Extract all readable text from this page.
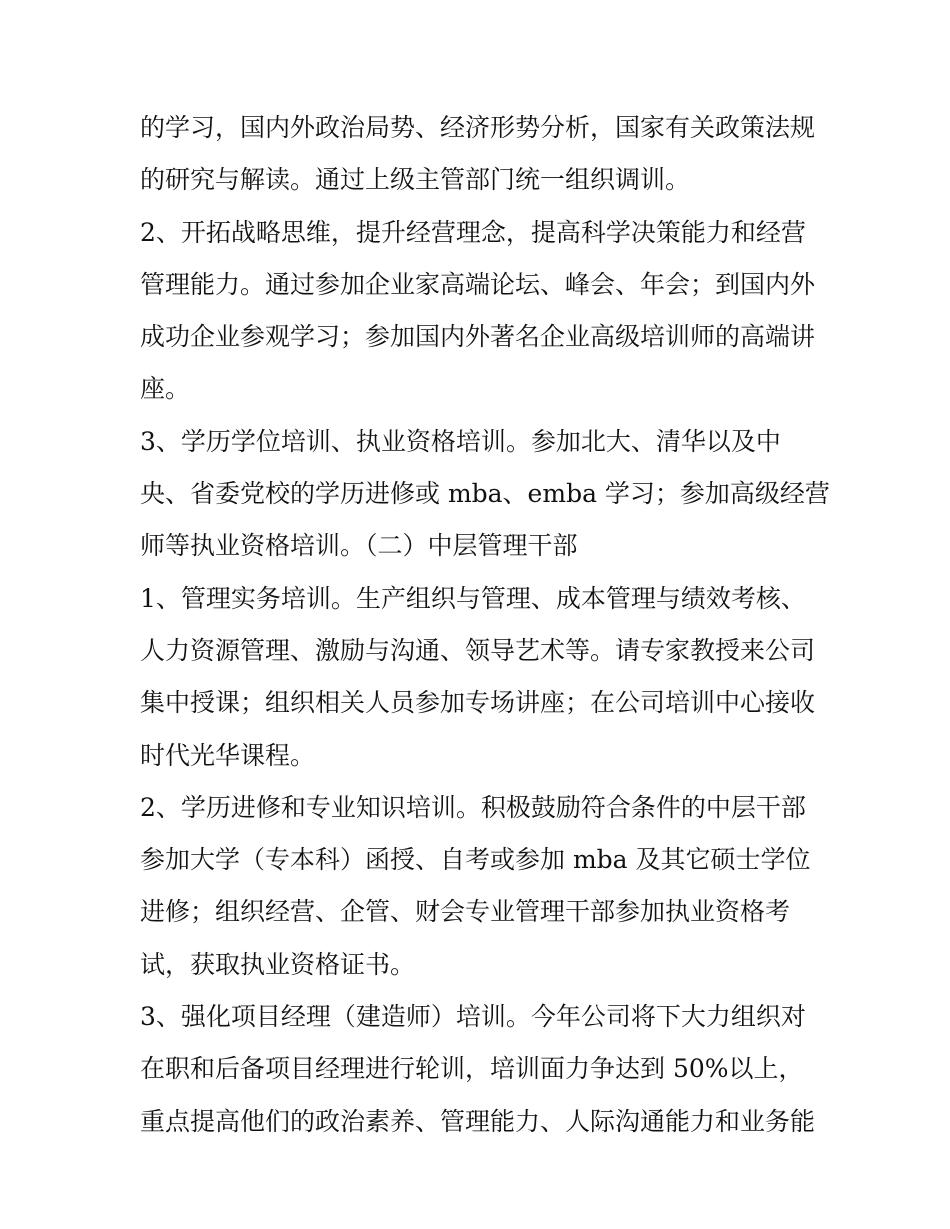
的学习，国内外政治局势、经济形势分析，国家有关政策法规
的研究与解读。通过上级主管部门统一组织调训。
2、开拓战略思维，提升经营理念，提高科学决策能力和经营
管理能力。通过参加企业家高端论坛、峰会、年会；到国内外
成功企业参观学习；参加国内外著名企业高级培训师的高端讲
座。
3、学历学位培训、执业资格培训。参加北大、清华以及中
央、省委党校的学历进修或 mba、emba 学习；参加高级经营
师等执业资格培训。（二）中层管理干部
1、管理实务培训。生产组织与管理、成本管理与绩效考核、
人力资源管理、激励与沟通、领导艺术等。请专家教授来公司
集中授课；组织相关人员参加专场讲座；在公司培训中心接收
时代光华课程。
2、学历进修和专业知识培训。积极鼓励符合条件的中层干部
参加大学（专本科）函授、自考或参加 mba 及其它硕士学位
进修；组织经营、企管、财会专业管理干部参加执业资格考
试，获取执业资格证书。
3、强化项目经理（建造师）培训。今年公司将下大力组织对
在职和后备项目经理进行轮训，培训面力争达到 50%以上，
重点提高他们的政治素养、管理能力、人际沟通能力和业务能
